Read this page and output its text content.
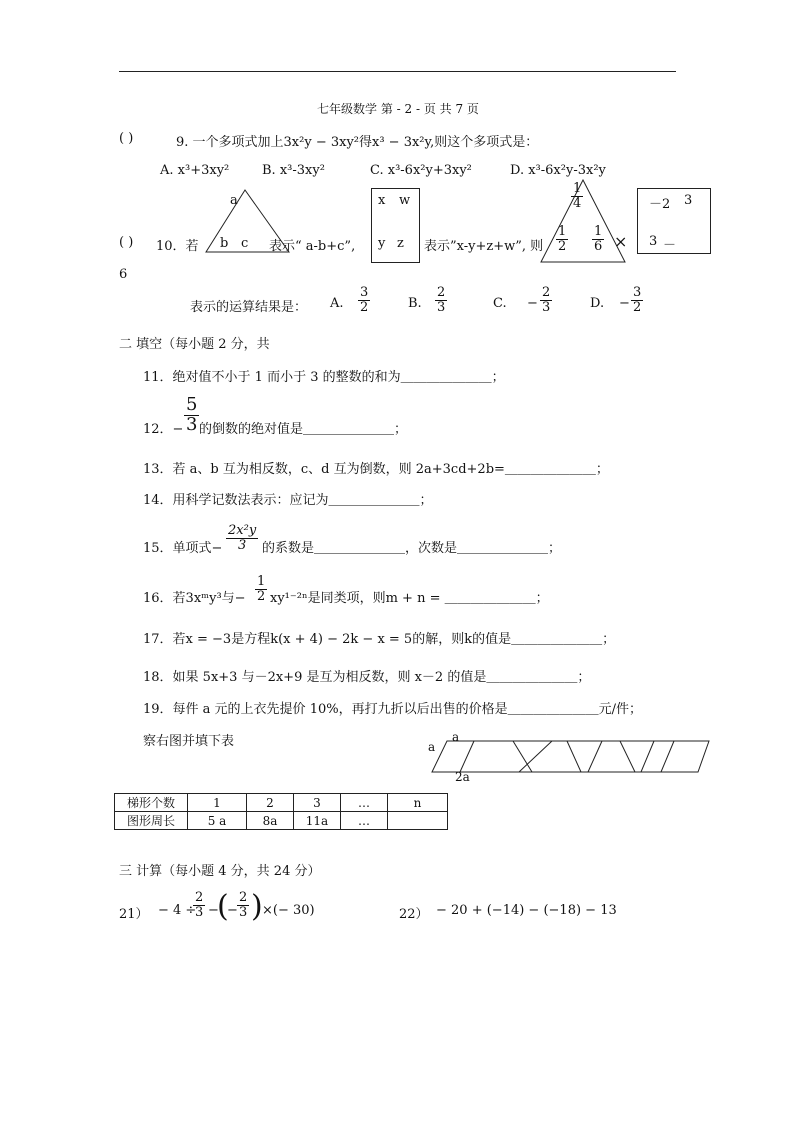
七年级数学 第 - 2 - 页 共 7 页
( )	9. 一个多项式加上3x²y − 3xy²得x³ − 3x²y,则这个多项式是：
A. x³+3xy²	B. x³-3xy²	C. x³-6x²y+3xy²	D. x³-6x²y-3x²y
( ) 10．若
a
b c 表示“ a-b+c”,
x w
y z 表示”x-y+z+w”, 则
$\frac{1}{4}$
$\frac{1}{2} \frac{1}{6}$ ×
－2 3
3 －
6
表示的运算结果是： A. $\frac{3}{2}$	B. $\frac{2}{3}$	C. − $\frac{2}{3}$	D. − $\frac{3}{2}$
二 填空（每小题 2 分，共
11．绝对值不小于 1 而小于 3 的整数的和为＿＿＿＿＿＿＿；
12．− $\frac{5}{3}$ 的倒数的绝对值是＿＿＿＿＿＿＿；
13．若 a、b 互为相反数，c、d 互为倒数，则 2a+3cd+2b=＿＿＿＿＿＿＿；
14．用科学记数法表示：应记为＿＿＿＿＿＿＿；
15．单项式− $\frac{\text{2x²y}}{3}$ 的系数是＿＿＿＿＿＿＿，次数是＿＿＿＿＿＿＿；
16．若3xᵐy³与− $\frac{1}{2} xy^{1-2n}$是同类项，则m + n = ＿＿＿＿＿＿＿；
17．若x = −3是方程k(x + 4) − 2k − x = 5的解，则k的值是＿＿＿＿＿＿＿；
18．如果 5x+3 与－2x+9 是互为相反数，则 x－2 的值是＿＿＿＿＿＿＿；
19．每件 a 元的上衣先提价 10%，再打九折以后出售的价格是＿＿＿＿＿＿＿元/件；
察右图并填下表	a
a
2a
梯形个数	1	2	3	…	n
图形周长	5 a	8a	11a	…	
三 计算（每小题 4 分，共 24 分）
21） − 4 ÷
$\frac{2}{3}$ −
(
− $\frac{2}{3}$ ) ×(− 30)	22） − 20 + (−14) − (−18) − 13
